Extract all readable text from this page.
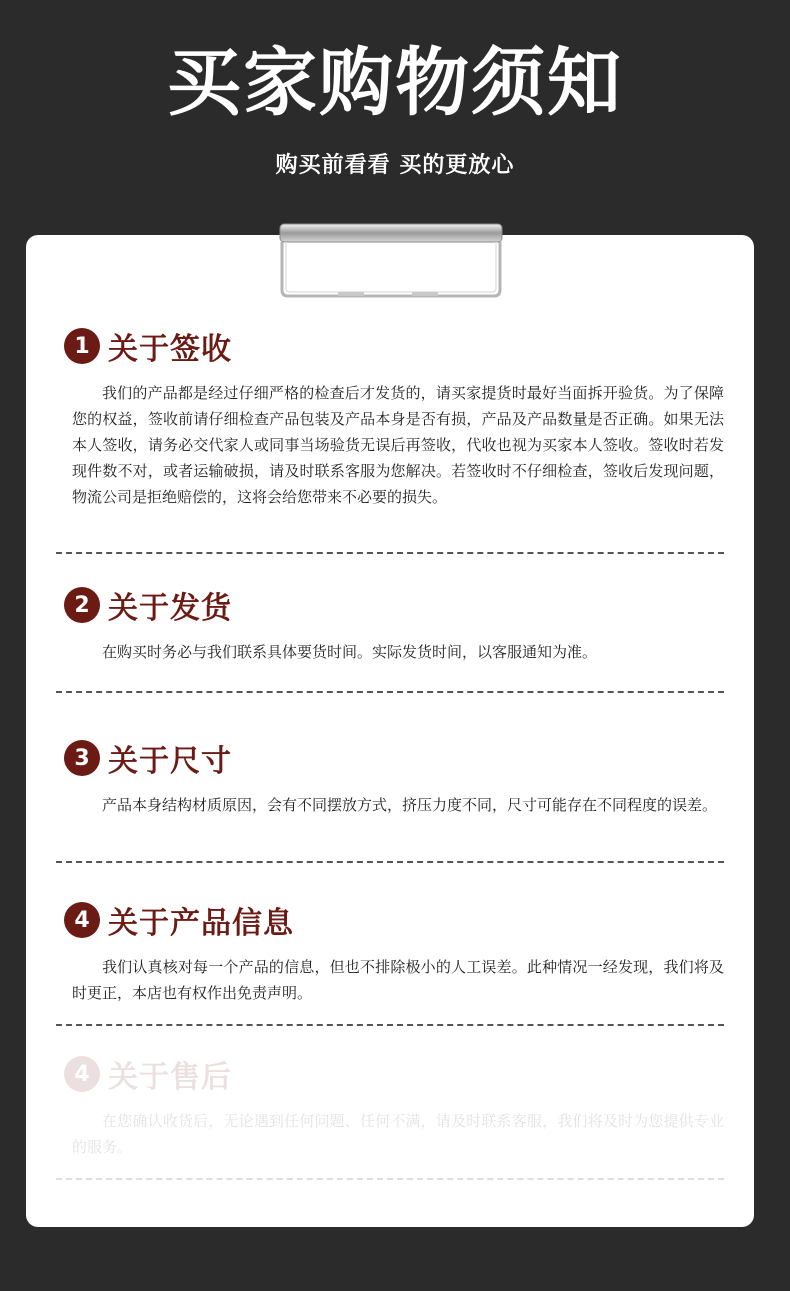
买家购物须知
购买前看看 买的更放心
1 关于签收
我们的产品都是经过仔细严格的检查后才发货的，请买家提货时最好当面拆开验货。为了保障您的权益，签收前请仔细检查产品包装及产品本身是否有损，产品及产品数量是否正确。如果无法本人签收，请务必交代家人或同事当场验货无误后再签收，代收也视为买家本人签收。签收时若发现件数不对，或者运输破损，请及时联系客服为您解决。若签收时不仔细检查，签收后发现问题，物流公司是拒绝赔偿的，这将会给您带来不必要的损失。
2 关于发货
在购买时务必与我们联系具体要货时间。实际发货时间，以客服通知为准。
3 关于尺寸
产品本身结构材质原因，会有不同摆放方式，挤压力度不同，尺寸可能存在不同程度的误差。
4 关于产品信息
我们认真核对每一个产品的信息，但也不排除极小的人工误差。此种情况一经发现，我们将及时更正，本店也有权作出免责声明。
4 关于售后
在您确认收货后，无论遇到任何问题、任何不满，请及时联系客服，我们将及时为您提供专业的服务。
